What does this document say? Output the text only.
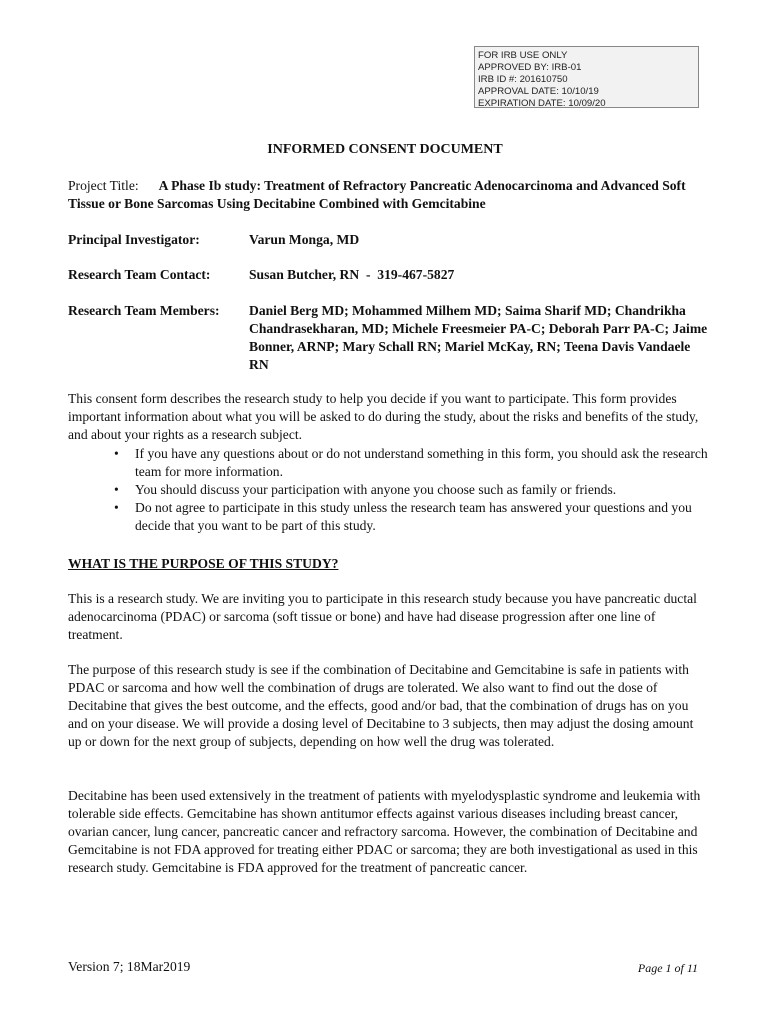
FOR IRB USE ONLY
APPROVED BY: IRB-01
IRB ID #: 201610750
APPROVAL DATE: 10/10/19
EXPIRATION DATE: 10/09/20
INFORMED CONSENT DOCUMENT
Project Title: A Phase Ib study: Treatment of Refractory Pancreatic Adenocarcinoma and Advanced Soft Tissue or Bone Sarcomas Using Decitabine Combined with Gemcitabine
Principal Investigator:	Varun Monga, MD
Research Team Contact:	Susan Butcher, RN  -  319-467-5827
Research Team Members: Daniel Berg MD; Mohammed Milhem MD; Saima Sharif MD; Chandrikha Chandrasekharan, MD; Michele Freesmeier PA-C; Deborah Parr PA-C; Jaime Bonner, ARNP; Mary Schall RN; Mariel McKay, RN; Teena Davis Vandaele RN
This consent form describes the research study to help you decide if you want to participate. This form provides important information about what you will be asked to do during the study, about the risks and benefits of the study, and about your rights as a research subject.
• If you have any questions about or do not understand something in this form, you should ask the research team for more information.
• You should discuss your participation with anyone you choose such as family or friends.
• Do not agree to participate in this study unless the research team has answered your questions and you decide that you want to be part of this study.
WHAT IS THE PURPOSE OF THIS STUDY?
This is a research study. We are inviting you to participate in this research study because you have pancreatic ductal adenocarcinoma (PDAC) or sarcoma (soft tissue or bone) and have had disease progression after one line of treatment.
The purpose of this research study is see if the combination of Decitabine and Gemcitabine is safe in patients with PDAC or sarcoma and how well the combination of drugs are tolerated. We also want to find out the dose of Decitabine that gives the best outcome, and the effects, good and/or bad, that the combination of drugs has on you and on your disease. We will provide a dosing level of Decitabine to 3 subjects, then may adjust the dosing amount up or down for the next group of subjects, depending on how well the drug was tolerated.
Decitabine has been used extensively in the treatment of patients with myelodysplastic syndrome and leukemia with tolerable side effects. Gemcitabine has shown antitumor effects against various diseases including breast cancer, ovarian cancer, lung cancer, pancreatic cancer and refractory sarcoma. However, the combination of Decitabine and Gemcitabine is not FDA approved for treating either PDAC or sarcoma; they are both investigational as used in this research study. Gemcitabine is FDA approved for the treatment of pancreatic cancer.
Version 7; 18Mar2019	Page 1 of 11
